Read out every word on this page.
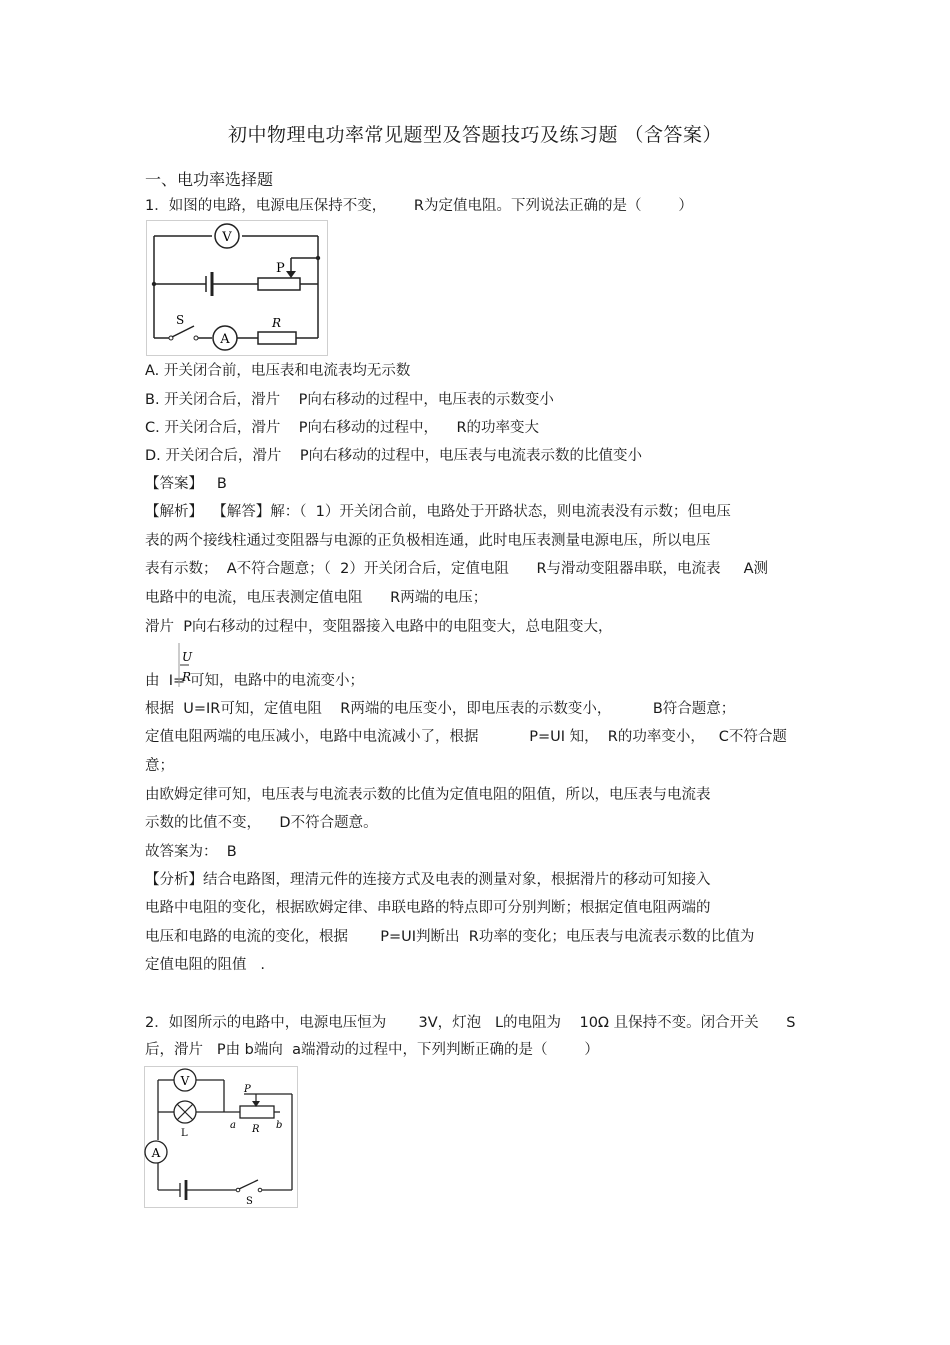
初中物理电功率常见题型及答题技巧及练习题 （含答案）
一、电功率选择题
1．如图的电路，电源电压保持不变，      R为定值电阻。下列说法正确的是（        ）
V
P
S
A
R
A. 开关闭合前，电压表和电流表均无示数
B. 开关闭合后，滑片    P向右移动的过程中，电压表的示数变小
C. 开关闭合后，滑片    P向右移动的过程中，    R的功率变大
D. 开关闭合后，滑片    P向右移动的过程中，电压表与电流表示数的比值变小
【答案】   B
【解析】  【解答】解：（  1）开关闭合前，电路处于开路状态，则电流表没有示数；但电压
表的两个接线柱通过变阻器与电源的正负极相连通，此时电压表测量电源电压，所以电压
表有示数；  A不符合题意；（  2）开关闭合后，定值电阻      R与滑动变阻器串联，电流表     A测
电路中的电流，电压表测定值电阻      R两端的电压；
滑片  P向右移动的过程中，变阻器接入电路中的电阻变大，总电阻变大，
由  I=
U
R
可知，电路中的电流变小；
根据  U=IR可知，定值电阻    R两端的电压变小，即电压表的示数变小，         B符合题意；
定值电阻两端的电压减小，电路中电流减小了，根据           P=UI 知，  R的功率变小，   C不符合题
意；
由欧姆定律可知，电压表与电流表示数的比值为定值电阻的阻值，所以，电压表与电流表
示数的比值不变，    D不符合题意。
故答案为：  B
【分析】结合电路图，理清元件的连接方式及电表的测量对象，根据滑片的移动可知接入
电路中电阻的变化，根据欧姆定律、串联电路的特点即可分别判断；根据定值电阻两端的
电压和电路的电流的变化，根据       P=UI判断出  R功率的变化；电压表与电流表示数的比值为
定值电阻的阻值   .
2．如图所示的电路中，电源电压恒为       3V，灯泡   L的电阻为    10Ω 且保持不变。闭合开关      S
后，滑片   P由 b端向  a端滑动的过程中，下列判断正确的是（        ）
V
L
P
a R b
A
S
